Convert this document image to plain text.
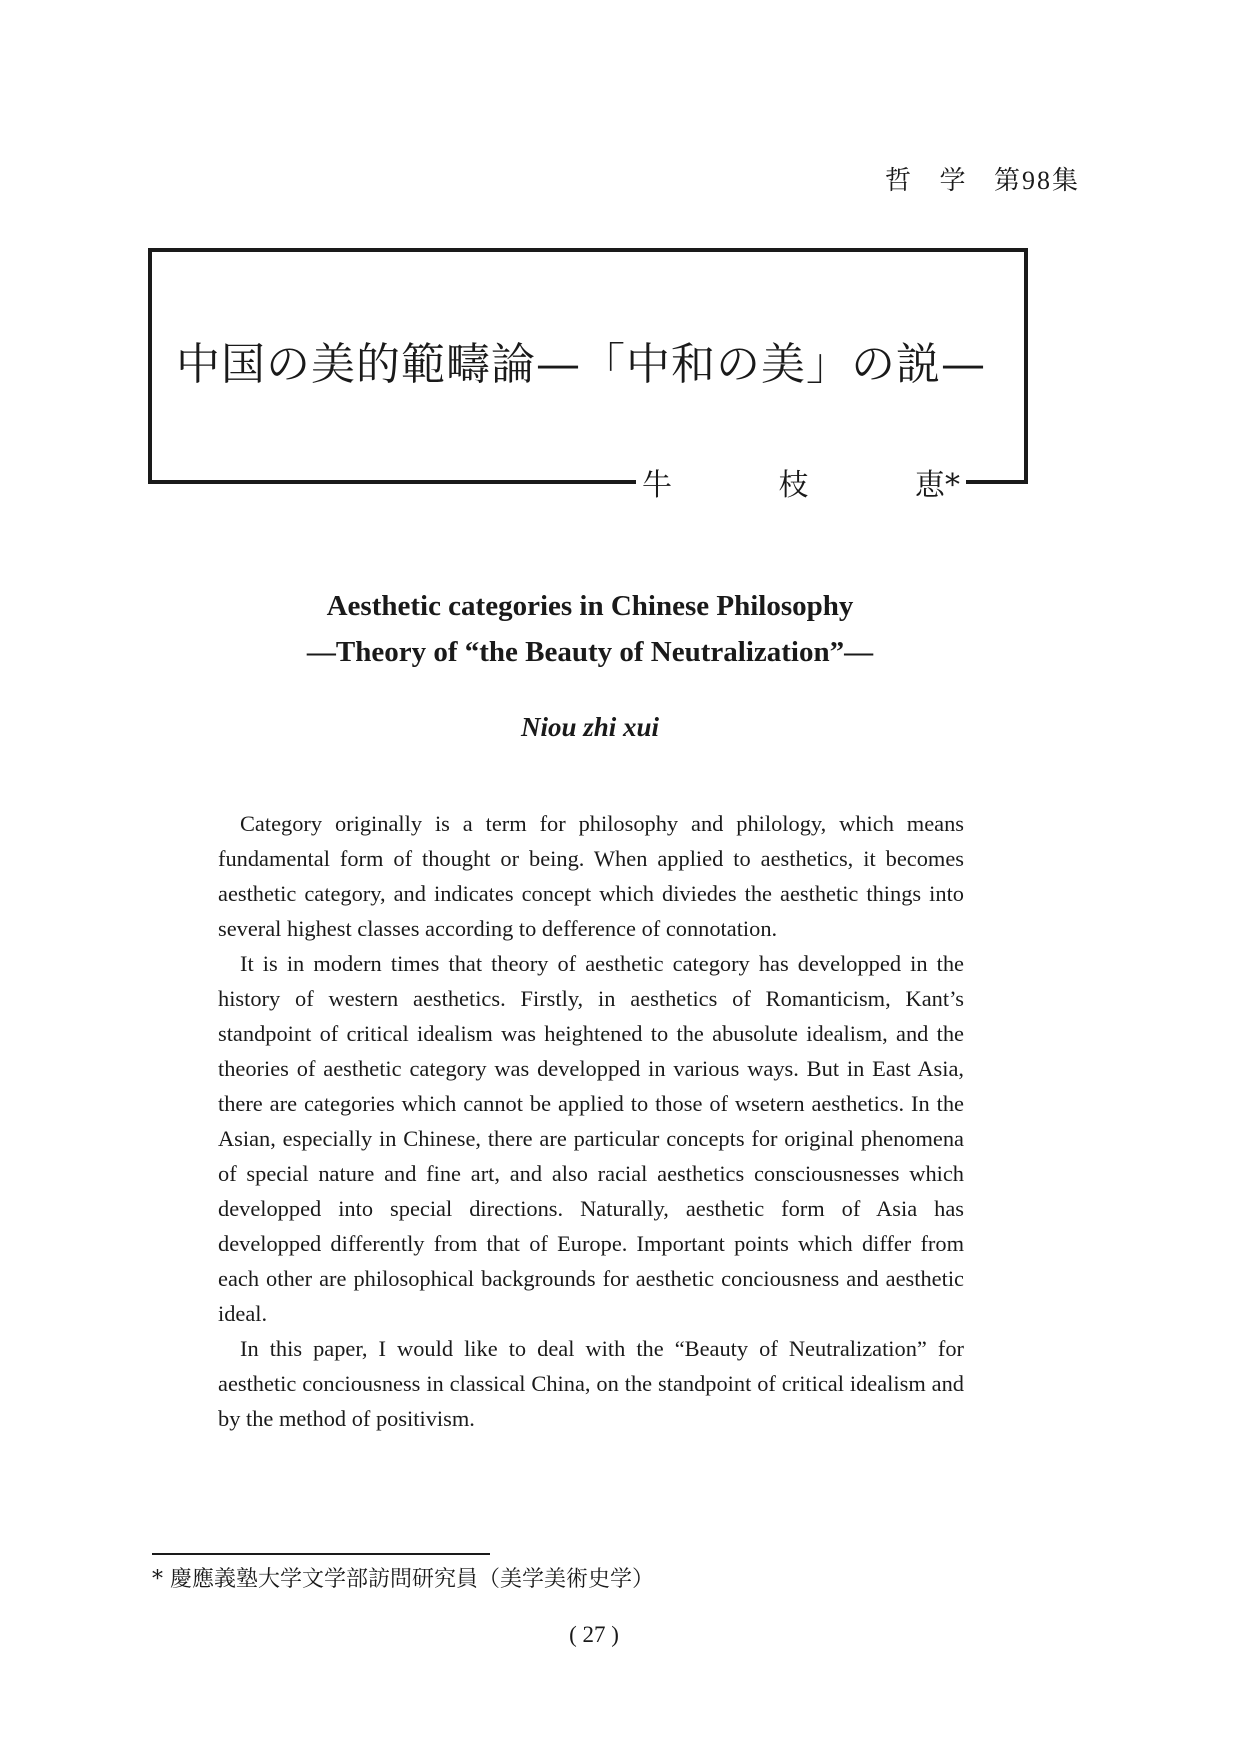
哲 学 第98集
中国の美的範疇論—「中和の美」の説—
牛	枝	恵*
Aesthetic categories in Chinese Philosophy
—Theory of “the Beauty of Neutralization”—
Niou zhi xui

Category originally is a term for philosophy and philology, which means fundamental form of thought or being. When applied to aesthetics, it becomes aesthetic category, and indicates concept which diviedes the aesthetic things into several highest classes according to defference of connotation.

It is in modern times that theory of aesthetic category has developped in the history of western aesthetics. Firstly, in aesthetics of Romanticism, Kant’s standpoint of critical idealism was heightened to the abusolute idealism, and the theories of aesthetic category was developped in various ways. But in East Asia, there are categories which cannot be applied to those of wsetern aesthetics. In the Asian, especially in Chinese, there are particular concepts for original phenomena of special nature and fine art, and also racial aesthetics consciousnesses which developped into special directions. Naturally, aesthetic form of Asia has developped differently from that of Europe. Important points which differ from each other are philosophical backgrounds for aesthetic conciousness and aesthetic ideal.

In this paper, I would like to deal with the “Beauty of Neutralization” for aesthetic conciousness in classical China, on the standpoint of critical idealism and by the method of positivism.

* 慶應義塾大学文学部訪問研究員（美学美術史学）
( 27 )
